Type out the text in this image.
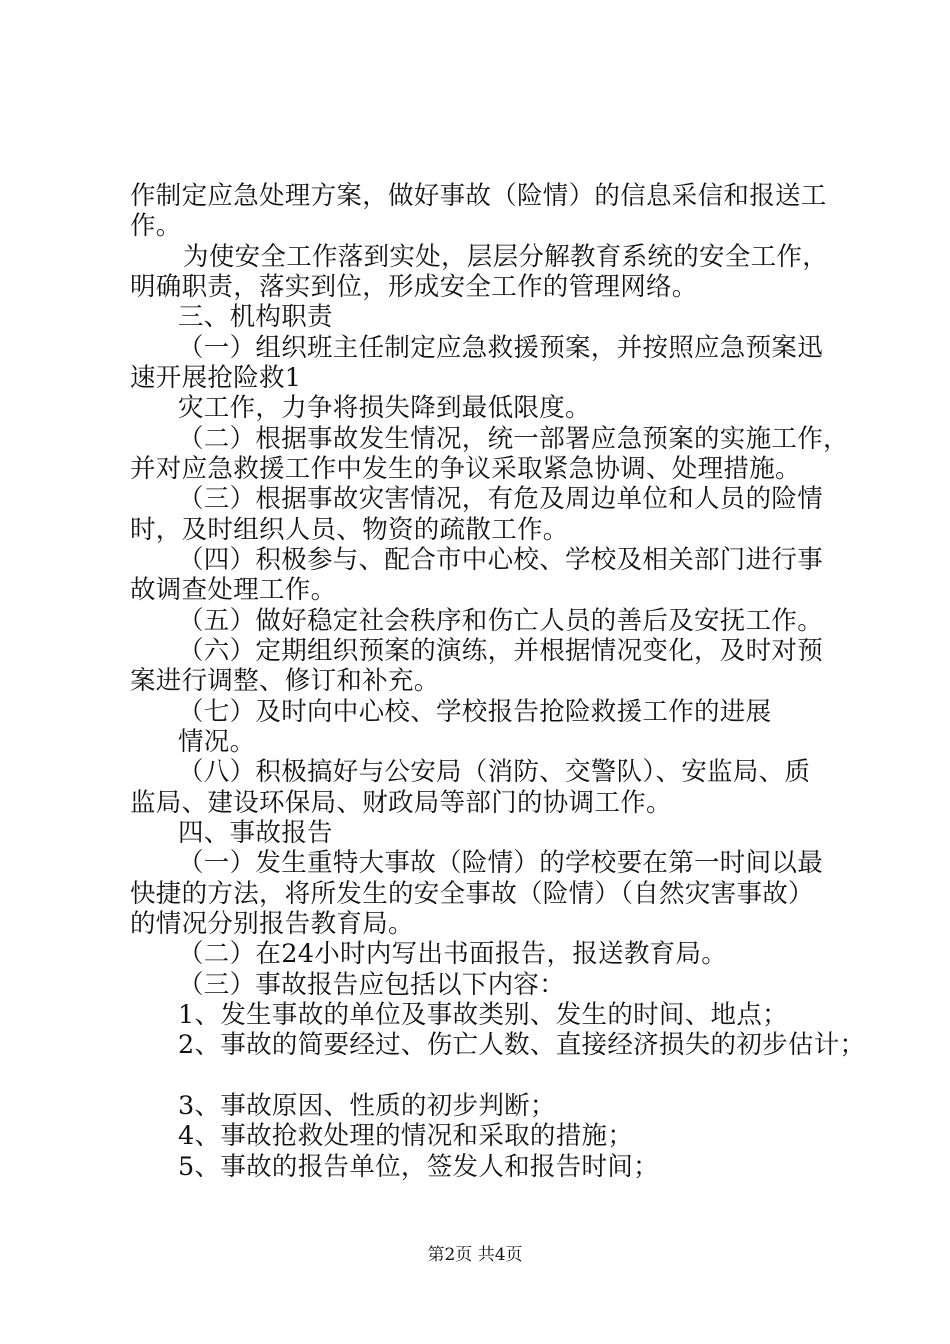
作制定应急处理方案，做好事故（险情）的信息采信和报送工
作。
为使安全工作落到实处，层层分解教育系统的安全工作，
明确职责，落实到位，形成安全工作的管理网络。
三、机构职责
（一）组织班主任制定应急救援预案，并按照应急预案迅
速开展抢险救1
灾工作，力争将损失降到最低限度。
（二）根据事故发生情况，统一部署应急预案的实施工作，
并对应急救援工作中发生的争议采取紧急协调、处理措施。
（三）根据事故灾害情况，有危及周边单位和人员的险情
时，及时组织人员、物资的疏散工作。
（四）积极参与、配合市中心校、学校及相关部门进行事
故调查处理工作。
（五）做好稳定社会秩序和伤亡人员的善后及安抚工作。
（六）定期组织预案的演练，并根据情况变化，及时对预
案进行调整、修订和补充。
（七）及时向中心校、学校报告抢险救援工作的进展
情况。
（八）积极搞好与公安局（消防、交警队）、安监局、质
监局、建设环保局、财政局等部门的协调工作。
四、事故报告
（一）发生重特大事故（险情）的学校要在第一时间以最
快捷的方法，将所发生的安全事故（险情）（自然灾害事故）
的情况分别报告教育局。
（二）在24小时内写出书面报告，报送教育局。
（三）事故报告应包括以下内容：
1、发生事故的单位及事故类别、发生的时间、地点；
2、事故的简要经过、伤亡人数、直接经济损失的初步估计；
3、事故原因、性质的初步判断；
4、事故抢救处理的情况和采取的措施；
5、事故的报告单位，签发人和报告时间；
第2页 共4页
